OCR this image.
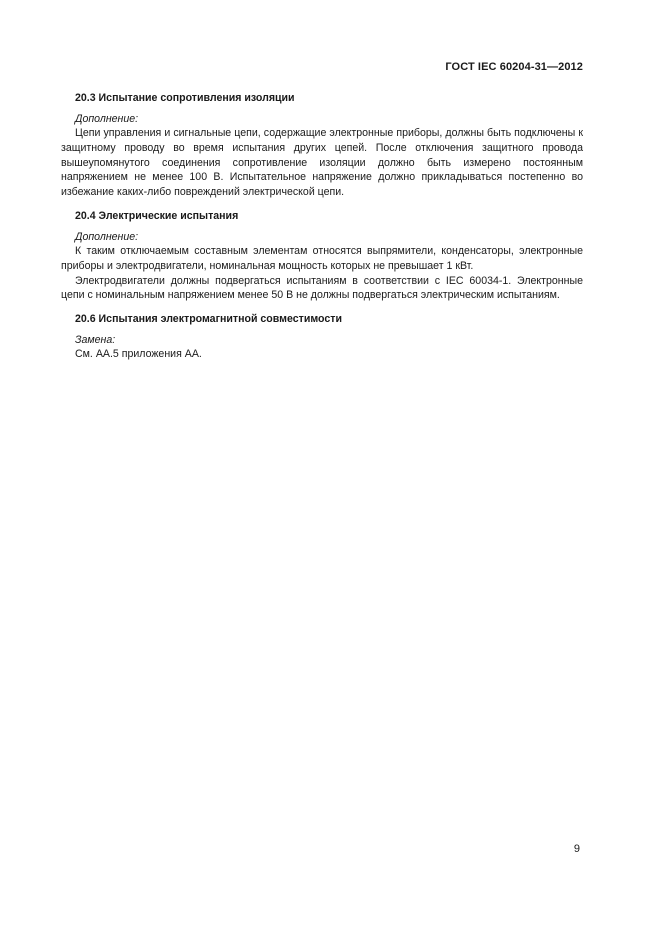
ГОСТ IEC 60204-31—2012

20.3 Испытание сопротивления изоляции

Дополнение:

Цепи управления и сигнальные цепи, содержащие электронные приборы, должны быть подключены к защитному проводу во время испытания других цепей. После отключения защитного провода вышеупомянутого соединения сопротивление изоляции должно быть измерено постоянным напряжением не менее 100 В. Испытательное напряжение должно прикладываться постепенно во избежание каких-либо повреждений электрической цепи.

20.4 Электрические испытания

Дополнение:

К таким отключаемым составным элементам относятся выпрямители, конденсаторы, электронные приборы и электродвигатели, номинальная мощность которых не превышает 1 кВт.

Электродвигатели должны подвергаться испытаниям в соответствии с IEC 60034-1. Электронные цепи с номинальным напряжением менее 50 В не должны подвергаться электрическим испытаниям.

20.6 Испытания электромагнитной совместимости

Замена:

См. АА.5 приложения АА.

9
